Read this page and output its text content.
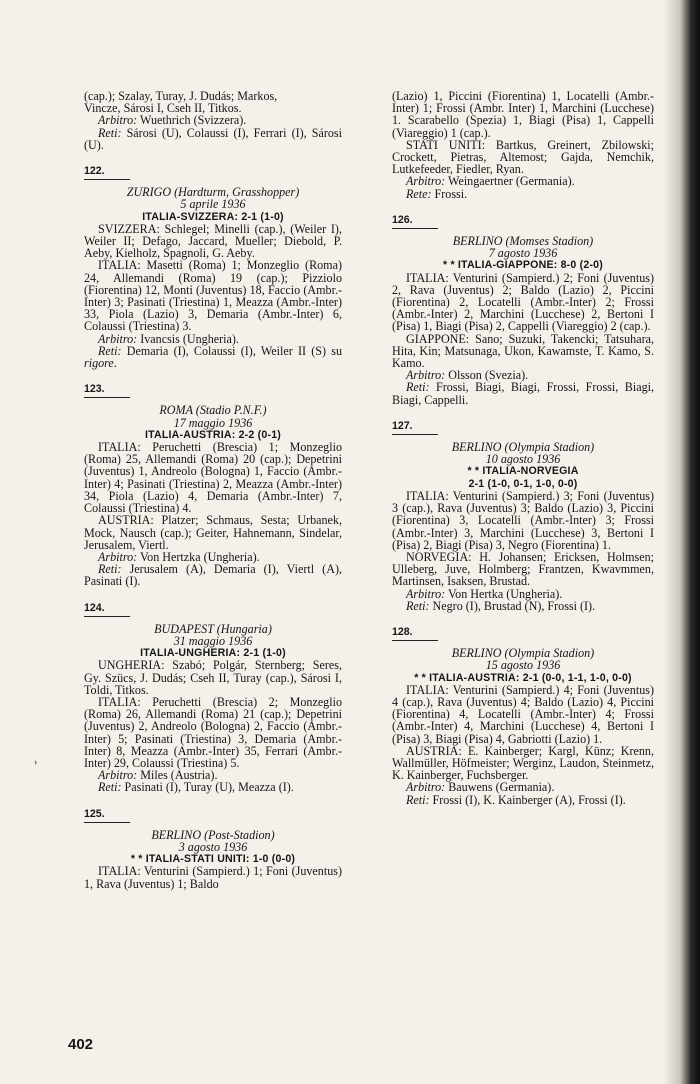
›

(cap.); Szalay, Turay, J. Dudás; Markos,

Vincze, Sárosi I, Cseh II, Titkos.

Arbitro: Wuethrich (Svizzera).

Reti: Sárosi (U), Colaussi (I), Ferrari (I), Sárosi (U).

122.

ZURIGO (Hardturm, Grasshopper)

5 aprile 1936

ITALIA-SVIZZERA: 2-1 (1-0)

SVIZZERA: Schlegel; Minelli (cap.), (Weiler I), Weiler II; Defago, Jaccard, Mueller; Diebold, P. Aeby, Kielholz, Spagnoli, G. Aeby.

ITALIA: Masetti (Roma) 1; Monzeglio (Roma) 24, Allemandi (Roma) 19 (cap.); Pizziolo (Fiorentina) 12, Monti (Juventus) 18, Faccio (Ambr.-Inter) 3; Pasinati (Triestina) 1, Meazza (Ambr.-Inter) 33, Piola (Lazio) 3, Demaria (Ambr.-Inter) 6, Colaussi (Triestina) 3.

Arbitro: Ivancsis (Ungheria).

Reti: Demaria (I), Colaussi (I), Weiler II (S) su rigore.

123.

ROMA (Stadio P.N.F.)

17 maggio 1936

ITALIA-AUSTRIA: 2-2 (0-1)

ITALIA: Peruchetti (Brescia) 1; Monzeglio (Roma) 25, Allemandi (Roma) 20 (cap.); Depetrini (Juventus) 1, Andreolo (Bologna) 1, Faccio (Ambr.-Inter) 4; Pasinati (Triestina) 2, Meazza (Ambr.-Inter) 34, Piola (Lazio) 4, Demaria (Ambr.-Inter) 7, Colaussi (Triestina) 4.

AUSTRIA: Platzer; Schmaus, Sesta; Urbanek, Mock, Nausch (cap.); Geiter, Hahnemann, Sindelar, Jerusalem, Viertl.

Arbitro: Von Hertzka (Ungheria).

Reti: Jerusalem (A), Demaria (I), Viertl (A), Pasinati (I).

124.

BUDAPEST (Hungaria)

31 maggio 1936

ITALIA-UNGHERIA: 2-1 (1-0)

UNGHERIA: Szabó; Polgár, Sternberg; Seres, Gy. Szücs, J. Dudás; Cseh II, Turay (cap.), Sárosi I, Toldi, Titkos.

ITALIA: Peruchetti (Brescia) 2; Monzeglio (Roma) 26, Allemandi (Roma) 21 (cap.); Depetrini (Juventus) 2, Andreolo (Bologna) 2, Faccio (Ambr.-Inter) 5; Pasinati (Triestina) 3, Demaria (Ambr.-Inter) 8, Meazza (Ambr.-Inter) 35, Ferrari (Ambr.-Inter) 29, Colaussi (Triestina) 5.

Arbitro: Miles (Austria).

Reti: Pasinati (I), Turay (U), Meazza (I).

125.

BERLINO (Post-Stadion)

3 agosto 1936

* * ITALIA-STATI UNITI: 1-0 (0-0)

ITALIA: Venturini (Sampierd.) 1; Foni (Juventus) 1, Rava (Juventus) 1; Baldo

(Lazio) 1, Piccini (Fiorentina) 1, Locatelli (Ambr.-Inter) 1; Frossi (Ambr. Inter) 1, Marchini (Lucchese) 1. Scarabello (Spezia) 1, Biagi (Pisa) 1, Cappelli (Viareggio) 1 (cap.).

STATI UNITI: Bartkus, Greinert, Zbilowski; Crockett, Pietras, Altemost; Gajda, Nemchik, Lutkefeeder, Fiedler, Ryan.

Arbitro: Weingaertner (Germania).

Rete: Frossi.

126.

BERLINO (Momses Stadion)

7 agosto 1936

* * ITALIA-GIAPPONE: 8-0 (2-0)

ITALIA: Venturini (Sampierd.) 2; Foni (Juventus) 2, Rava (Juventus) 2; Baldo (Lazio) 2, Piccini (Fiorentina) 2, Locatelli (Ambr.-Inter) 2; Frossi (Ambr.-Inter) 2, Marchini (Lucchese) 2, Bertoni I (Pisa) 1, Biagi (Pisa) 2, Cappelli (Viareggio) 2 (cap.).

GIAPPONE: Sano; Suzuki, Takencki; Tatsuhara, Hita, Kin; Matsunaga, Ukon, Kawamste, T. Kamo, S. Kamo.

Arbitro: Olsson (Svezia).

Reti: Frossi, Biagi, Biagi, Frossi, Frossi, Biagi, Biagi, Cappelli.

127.

BERLINO (Olympia Stadion)

10 agosto 1936

* * ITALIA-NORVEGIA

2-1 (1-0, 0-1, 1-0, 0-0)

ITALIA: Venturini (Sampierd.) 3; Foni (Juventus) 3 (cap.), Rava (Juventus) 3; Baldo (Lazio) 3, Piccini (Fiorentina) 3, Locatelli (Ambr.-Inter) 3; Frossi (Ambr.-Inter) 3, Marchini (Lucchese) 3, Bertoni I (Pisa) 2, Biagi (Pisa) 3, Negro (Fiorentina) 1.

NORVEGIA: H. Johansen; Ericksen, Holmsen; Ulleberg, Juve, Holmberg; Frantzen, Kwavmmen, Martinsen, Isaksen, Brustad.

Arbitro: Von Hertka (Ungheria).

Reti: Negro (I), Brustad (N), Frossi (I).

128.

BERLINO (Olympia Stadion)

15 agosto 1936

* * ITALIA-AUSTRIA: 2-1 (0-0, 1-1, 1-0, 0-0)

ITALIA: Venturini (Sampierd.) 4; Foni (Juventus) 4 (cap.), Rava (Juventus) 4; Baldo (Lazio) 4, Piccini (Fiorentina) 4, Locatelli (Ambr.-Inter) 4; Frossi (Ambr.-Inter) 4, Marchini (Lucchese) 4, Bertoni I (Pisa) 3, Biagi (Pisa) 4, Gabriotti (Lazio) 1.

AUSTRIA: E. Kainberger; Kargl, Künz; Krenn, Wallmüller, Höfmeister; Werginz, Laudon, Steinmetz, K. Kainberger, Fuchsberger.

Arbitro: Bauwens (Germania).

Reti: Frossi (I), K. Kainberger (A), Frossi (I).

402
